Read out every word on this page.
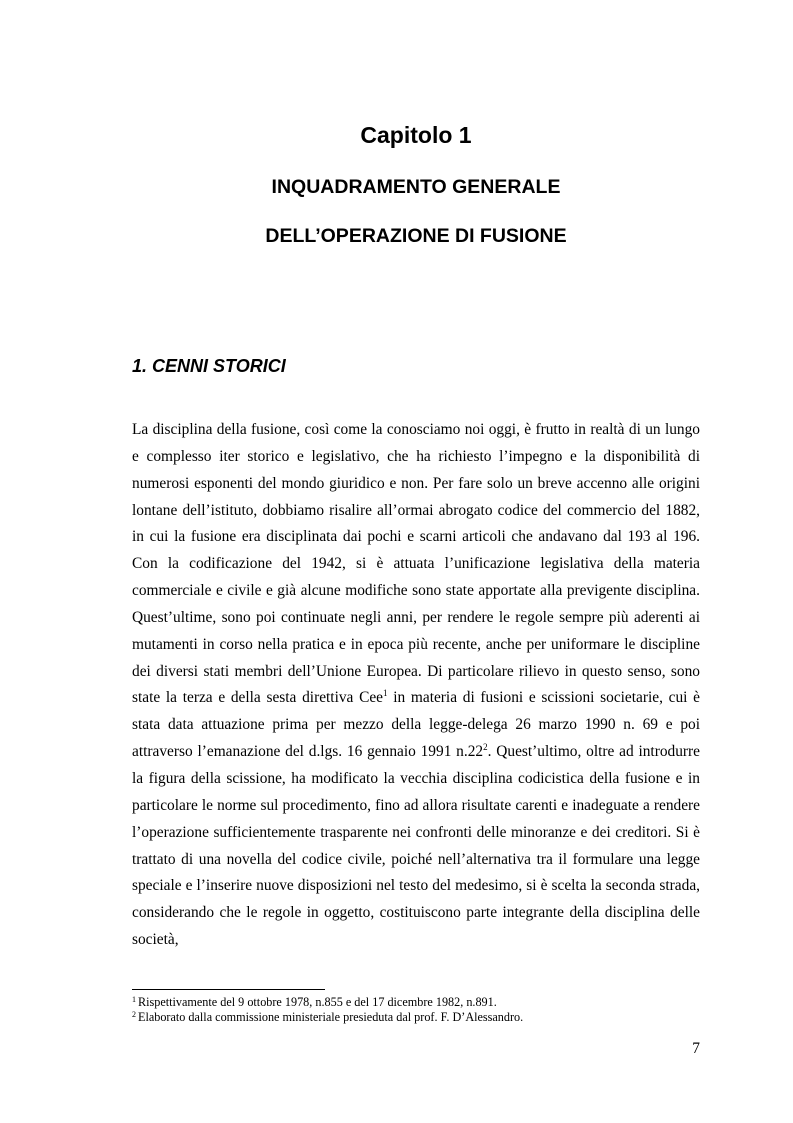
Capitolo 1
INQUADRAMENTO GENERALE
DELL’OPERAZIONE DI FUSIONE
1. CENNI STORICI

La disciplina della fusione, così come la conosciamo noi oggi, è frutto in realtà di un lungo e complesso iter storico e legislativo, che ha richiesto l’impegno e la disponibilità di numerosi esponenti del mondo giuridico e non. Per fare solo un breve accenno alle origini lontane dell’istituto, dobbiamo risalire all’ormai abrogato codice del commercio del 1882, in cui la fusione era disciplinata dai pochi e scarni articoli che andavano dal 193 al 196. Con la codificazione del 1942, si è attuata l’unificazione legislativa della materia commerciale e civile e già alcune modifiche sono state apportate alla previgente disciplina. Quest’ultime, sono poi continuate negli anni, per rendere le regole sempre più aderenti ai mutamenti in corso nella pratica e in epoca più recente, anche per uniformare le discipline dei diversi stati membri dell’Unione Europea. Di particolare rilievo in questo senso, sono state la terza e della sesta direttiva Cee$^1$ in materia di fusioni e scissioni societarie, cui è stata data attuazione prima per mezzo della legge-delega 26 marzo 1990 n. 69 e poi attraverso l’emanazione del d.lgs. 16 gennaio 1991 $n.22^2$. Quest’ultimo, oltre ad introdurre la figura della scissione, ha modificato la vecchia disciplina codicistica della fusione e in particolare le norme sul procedimento, fino ad allora risultate carenti e inadeguate a rendere l’operazione sufficientemente trasparente nei confronti delle minoranze e dei creditori. Si è trattato di una novella del codice civile, poiché nell’alternativa tra il formulare una legge speciale e l’inserire nuove disposizioni nel testo del medesimo, si è scelta la seconda strada, considerando che le regole in oggetto, costituiscono parte integrante della disciplina delle società,

$^1$ Rispettivamente del 9 ottobre 1978, n.855 e del 17 dicembre 1982, n.891.

$^2$ Elaborato dalla commissione ministeriale presieduta dal prof. F. D’Alessandro.

7
